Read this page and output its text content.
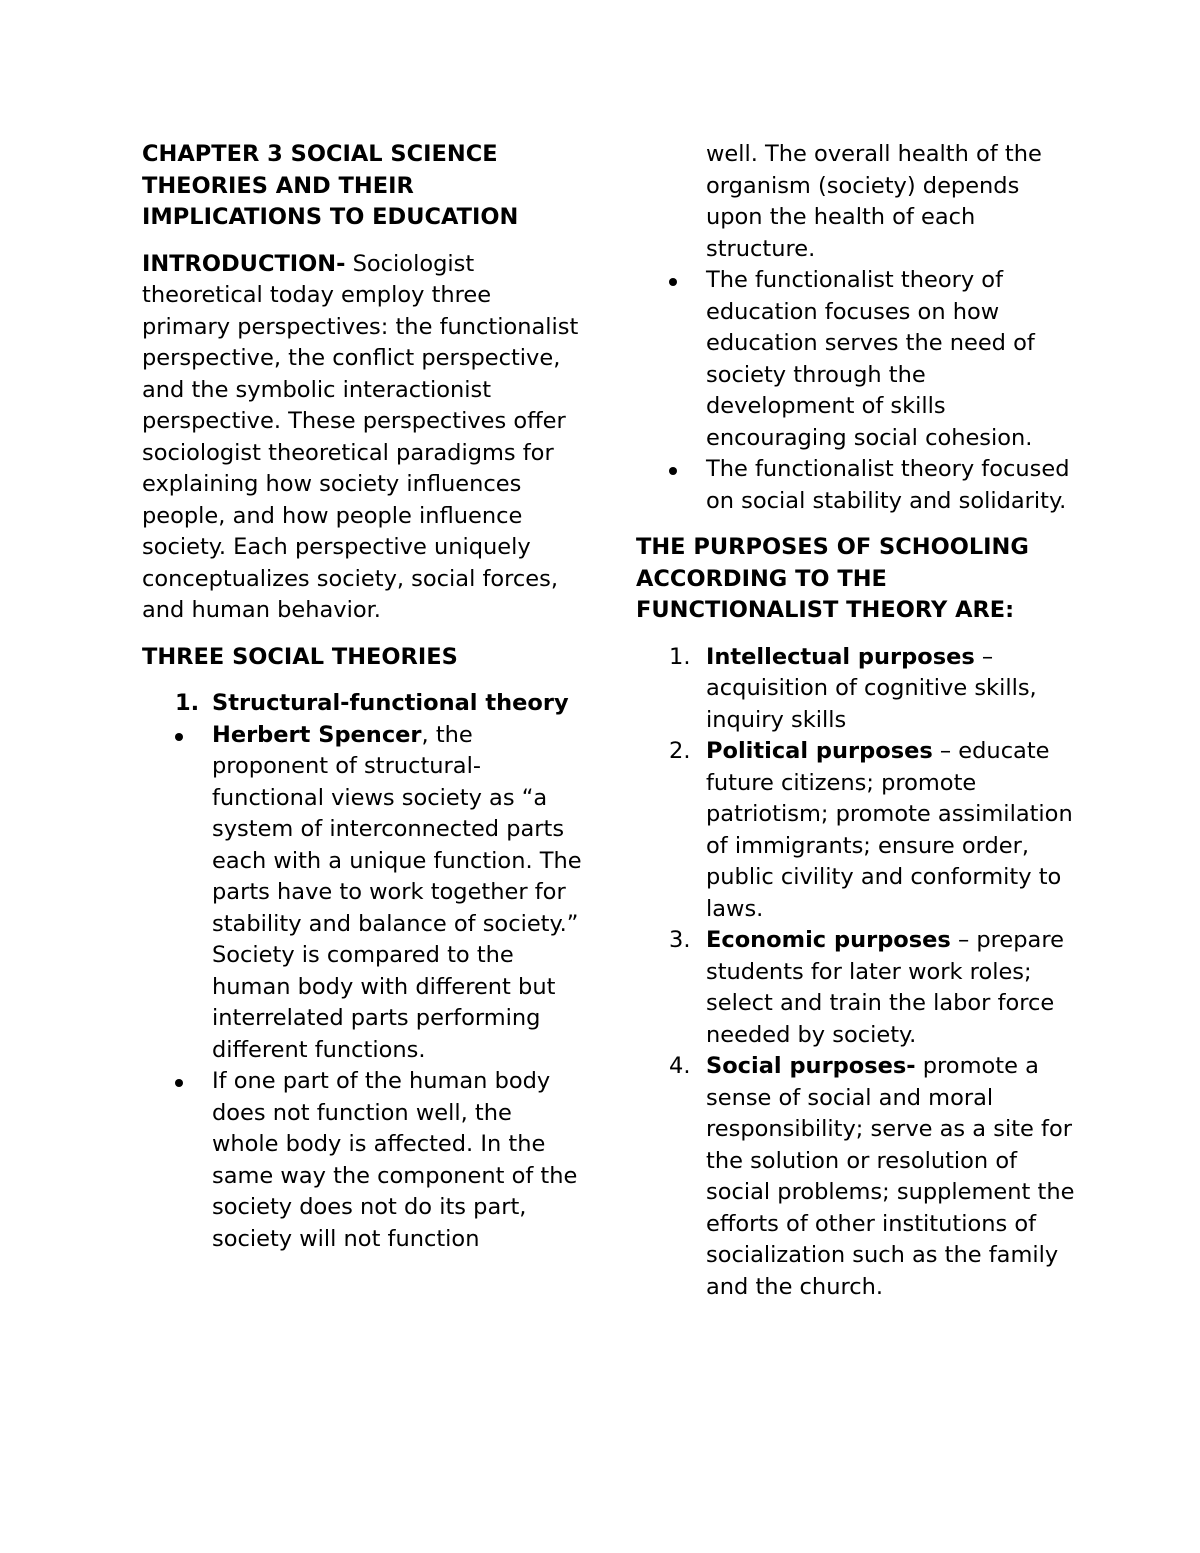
CHAPTER 3 SOCIAL SCIENCE THEORIES AND THEIR IMPLICATIONS TO EDUCATION

INTRODUCTION- Sociologist theoretical today employ three primary perspectives: the functionalist perspective, the conflict perspective, and the symbolic interactionist perspective. These perspectives offer sociologist theoretical paradigms for explaining how society influences people, and how people influence society. Each perspective uniquely conceptualizes society, social forces, and human behavior.

THREE SOCIAL THEORIES

1. Structural-functional theory
Herbert Spencer, the proponent of structural-functional views society as “a system of interconnected parts each with a unique function. The parts have to work together for stability and balance of society.” Society is compared to the human body with different but interrelated parts performing different functions.
If one part of the human body does not function well, the whole body is affected. In the same way the component of the society does not do its part, society will not function
well. The overall health of the organism (society) depends upon the health of each structure.
The functionalist theory of education focuses on how education serves the need of society through the development of skills encouraging social cohesion.
The functionalist theory focused on social stability and solidarity.

THE PURPOSES OF SCHOOLING ACCORDING TO THE FUNCTIONALIST THEORY ARE:

1. Intellectual purposes – acquisition of cognitive skills, inquiry skills
2. Political purposes – educate future citizens; promote patriotism; promote assimilation of immigrants; ensure order, public civility and conformity to laws.
3. Economic purposes – prepare students for later work roles; select and train the labor force needed by society.
4. Social purposes- promote a sense of social and moral responsibility; serve as a site for the solution or resolution of social problems; supplement the efforts of other institutions of socialization such as the family and the church.
